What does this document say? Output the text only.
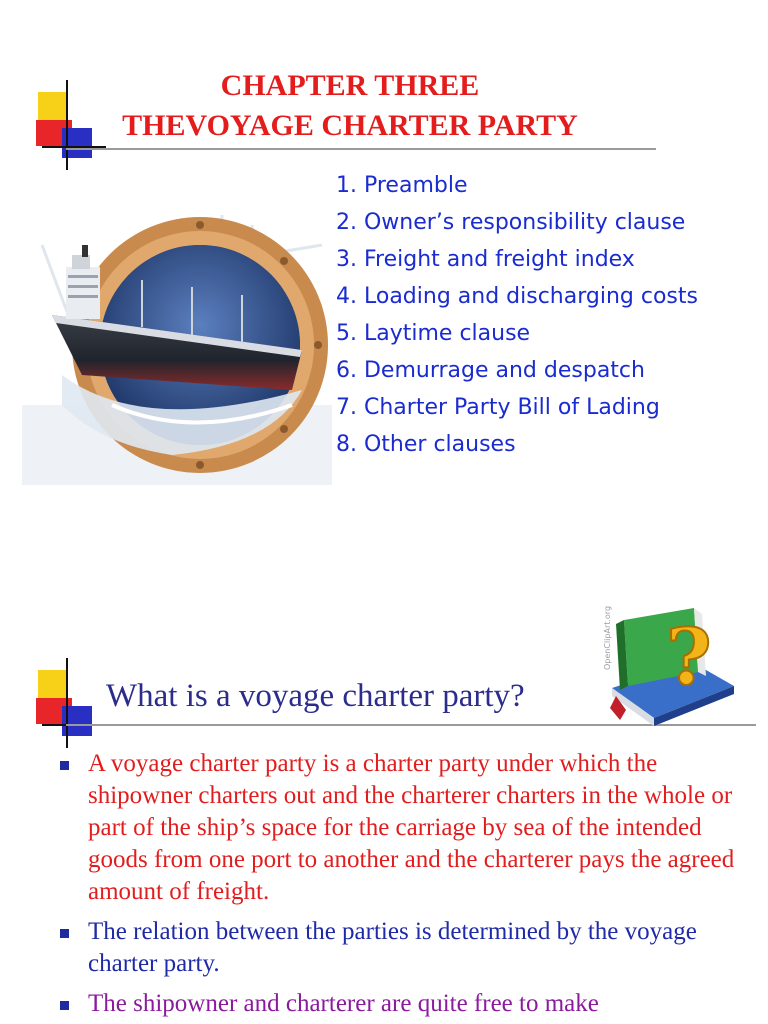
CHAPTER THREE
THEVOYAGE CHARTER PARTY
1. Preamble
2. Owner’s responsibility clause
3. Freight and freight index
4. Loading and discharging costs
5. Laytime clause
6. Demurrage and despatch
7. Charter Party Bill of Lading
8. Other clauses
What is a voyage charter party?
OpenClipArt.org ?
A voyage charter party is a charter party under which the shipowner charters out and the charterer charters in the whole or part of the ship’s space for the carriage by sea of the intended goods from one port to another and the charterer pays the agreed amount of freight.
The relation between the parties is determined by the voyage charter party.
The shipowner and charterer are quite free to make
